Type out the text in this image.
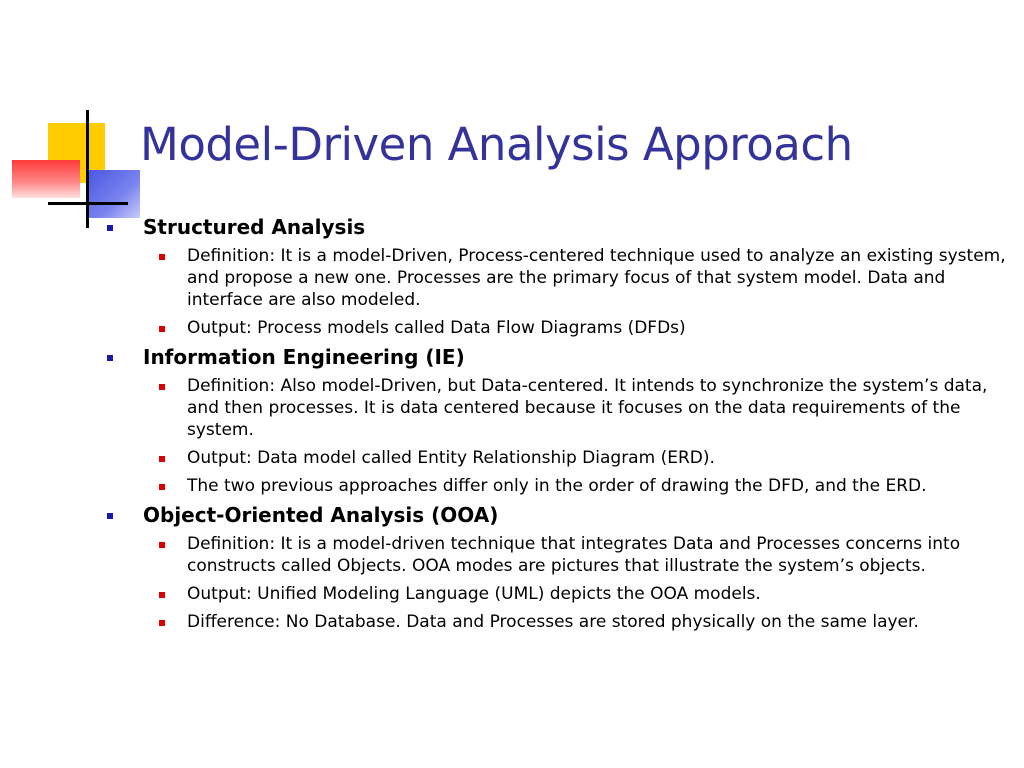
Model-Driven Analysis Approach
Structured Analysis
Definition: It is a model-Driven, Process-centered technique used to analyze an existing system, and propose a new one. Processes are the primary focus of that system model. Data and interface are also modeled.
Output: Process models called Data Flow Diagrams (DFDs)
Information Engineering (IE)
Definition: Also model-Driven, but Data-centered. It intends to synchronize the system’s data, and then processes. It is data centered because it focuses on the data requirements of the system.
Output: Data model called Entity Relationship Diagram (ERD).
The two previous approaches differ only in the order of drawing the DFD, and the ERD.
Object-Oriented Analysis (OOA)
Definition: It is a model-driven technique that integrates Data and Processes concerns into constructs called Objects. OOA modes are pictures that illustrate the system’s objects.
Output: Unified Modeling Language (UML) depicts the OOA models.
Difference: No Database. Data and Processes are stored physically on the same layer.
